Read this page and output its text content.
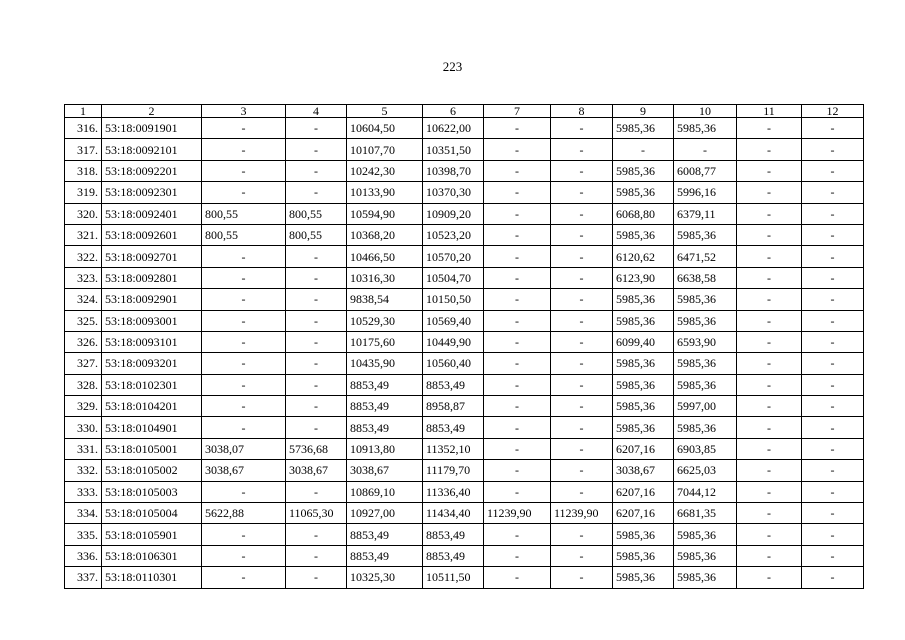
223
1	2	3	4	5	6	7	8	9	10	11	12
316.	53:18:0091901	-	-	10604,50	10622,00	-	-	5985,36	5985,36	-	-
317.	53:18:0092101	-	-	10107,70	10351,50	-	-	-	-	-	-
318.	53:18:0092201	-	-	10242,30	10398,70	-	-	5985,36	6008,77	-	-
319.	53:18:0092301	-	-	10133,90	10370,30	-	-	5985,36	5996,16	-	-
320.	53:18:0092401	800,55	800,55	10594,90	10909,20	-	-	6068,80	6379,11	-	-
321.	53:18:0092601	800,55	800,55	10368,20	10523,20	-	-	5985,36	5985,36	-	-
322.	53:18:0092701	-	-	10466,50	10570,20	-	-	6120,62	6471,52	-	-
323.	53:18:0092801	-	-	10316,30	10504,70	-	-	6123,90	6638,58	-	-
324.	53:18:0092901	-	-	9838,54	10150,50	-	-	5985,36	5985,36	-	-
325.	53:18:0093001	-	-	10529,30	10569,40	-	-	5985,36	5985,36	-	-
326.	53:18:0093101	-	-	10175,60	10449,90	-	-	6099,40	6593,90	-	-
327.	53:18:0093201	-	-	10435,90	10560,40	-	-	5985,36	5985,36	-	-
328.	53:18:0102301	-	-	8853,49	8853,49	-	-	5985,36	5985,36	-	-
329.	53:18:0104201	-	-	8853,49	8958,87	-	-	5985,36	5997,00	-	-
330.	53:18:0104901	-	-	8853,49	8853,49	-	-	5985,36	5985,36	-	-
331.	53:18:0105001	3038,07	5736,68	10913,80	11352,10	-	-	6207,16	6903,85	-	-
332.	53:18:0105002	3038,67	3038,67	3038,67	11179,70	-	-	3038,67	6625,03	-	-
333.	53:18:0105003	-	-	10869,10	11336,40	-	-	6207,16	7044,12	-	-
334.	53:18:0105004	5622,88	11065,30	10927,00	11434,40	11239,90	11239,90	6207,16	6681,35	-	-
335.	53:18:0105901	-	-	8853,49	8853,49	-	-	5985,36	5985,36	-	-
336.	53:18:0106301	-	-	8853,49	8853,49	-	-	5985,36	5985,36	-	-
337.	53:18:0110301	-	-	10325,30	10511,50	-	-	5985,36	5985,36	-	-
